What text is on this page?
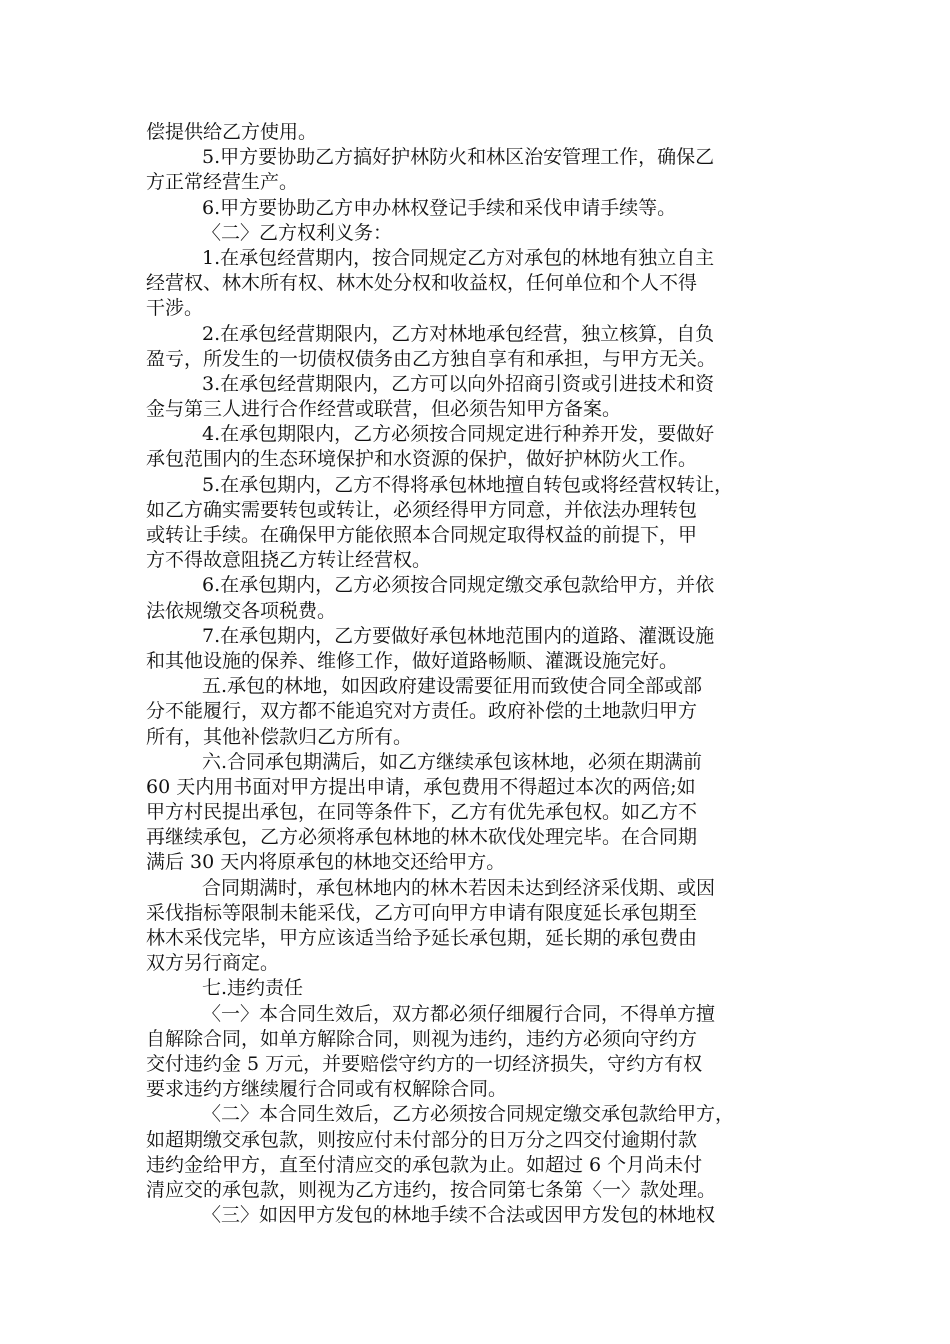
偿提供给乙方使用。
5.甲方要协助乙方搞好护林防火和林区治安管理工作，确保乙
方正常经营生产。
6.甲方要协助乙方申办林权登记手续和采伐申请手续等。
〈二〉乙方权利义务：
1.在承包经营期内，按合同规定乙方对承包的林地有独立自主
经营权、林木所有权、林木处分权和收益权，任何单位和个人不得
干涉。
2.在承包经营期限内，乙方对林地承包经营，独立核算，自负
盈亏，所发生的一切债权债务由乙方独自享有和承担，与甲方无关。
3.在承包经营期限内，乙方可以向外招商引资或引进技术和资
金与第三人进行合作经营或联营，但必须告知甲方备案。
4.在承包期限内，乙方必须按合同规定进行种养开发，要做好
承包范围内的生态环境保护和水资源的保护，做好护林防火工作。
5.在承包期内，乙方不得将承包林地擅自转包或将经营权转让，
如乙方确实需要转包或转让，必须经得甲方同意，并依法办理转包
或转让手续。在确保甲方能依照本合同规定取得权益的前提下，甲
方不得故意阻挠乙方转让经营权。
6.在承包期内，乙方必须按合同规定缴交承包款给甲方，并依
法依规缴交各项税费。
7.在承包期内，乙方要做好承包林地范围内的道路、灌溉设施
和其他设施的保养、维修工作，做好道路畅顺、灌溉设施完好。
五.承包的林地，如因政府建设需要征用而致使合同全部或部
分不能履行，双方都不能追究对方责任。政府补偿的土地款归甲方
所有，其他补偿款归乙方所有。
六.合同承包期满后，如乙方继续承包该林地，必须在期满前
60 天内用书面对甲方提出申请，承包费用不得超过本次的两倍;如
甲方村民提出承包，在同等条件下，乙方有优先承包权。如乙方不
再继续承包，乙方必须将承包林地的林木砍伐处理完毕。在合同期
满后 30 天内将原承包的林地交还给甲方。
合同期满时，承包林地内的林木若因未达到经济采伐期、或因
采伐指标等限制未能采伐，乙方可向甲方申请有限度延长承包期至
林木采伐完毕，甲方应该适当给予延长承包期，延长期的承包费由
双方另行商定。
七.违约责任
〈一〉本合同生效后，双方都必须仔细履行合同，不得单方擅
自解除合同，如单方解除合同，则视为违约，违约方必须向守约方
交付违约金 5 万元，并要赔偿守约方的一切经济损失，守约方有权
要求违约方继续履行合同或有权解除合同。
〈二〉本合同生效后，乙方必须按合同规定缴交承包款给甲方，
如超期缴交承包款，则按应付未付部分的日万分之四交付逾期付款
违约金给甲方，直至付清应交的承包款为止。如超过 6 个月尚未付
清应交的承包款，则视为乙方违约，按合同第七条第〈一〉款处理。
〈三〉如因甲方发包的林地手续不合法或因甲方发包的林地权
